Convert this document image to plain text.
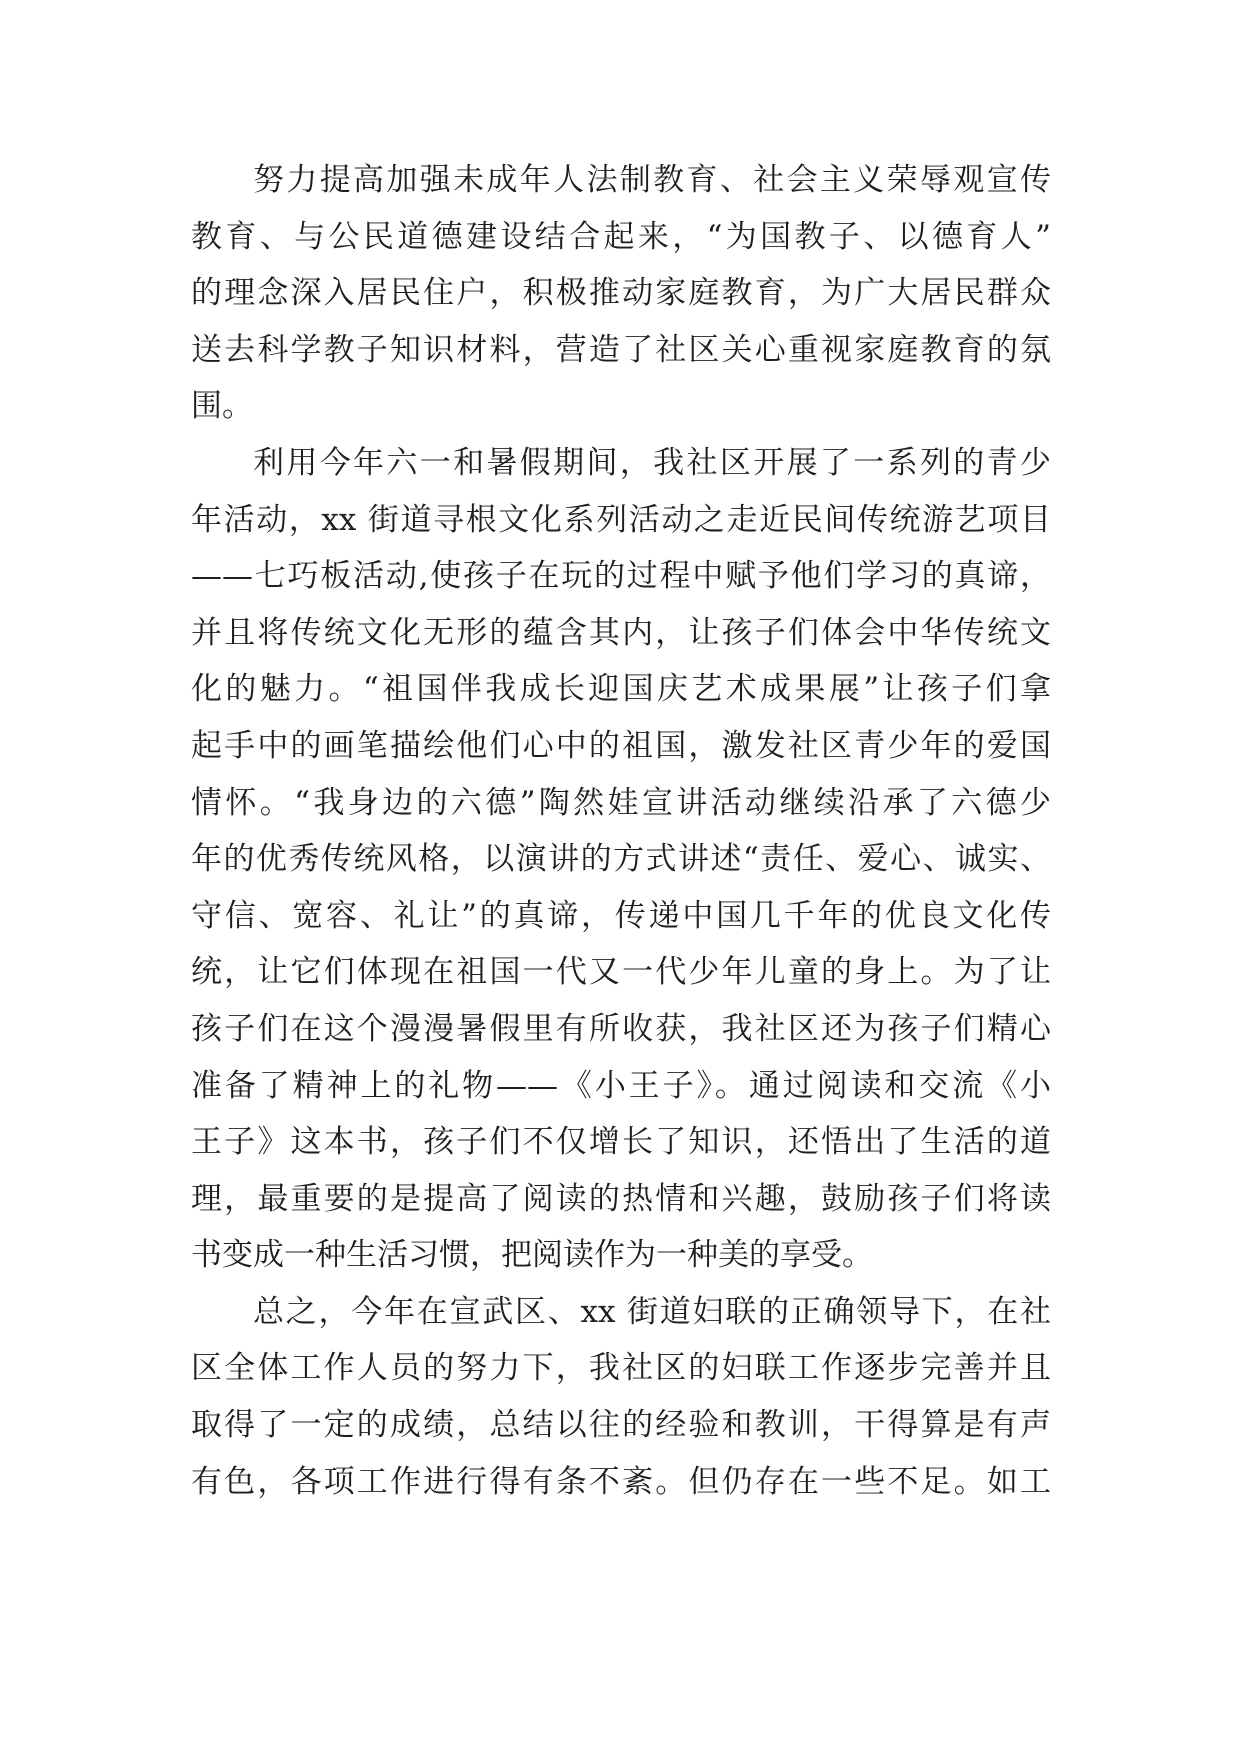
努力提高加强未成年人法制教育、社会主义荣辱观宣传
教育、与公民道德建设结合起来，“为国教子、以德育人”
的理念深入居民住户，积极推动家庭教育，为广大居民群众
送去科学教子知识材料，营造了社区关心重视家庭教育的氛
围。
利用今年六一和暑假期间，我社区开展了一系列的青少
年活动，xx 街道寻根文化系列活动之走近民间传统游艺项目
——七巧板活动,使孩子在玩的过程中赋予他们学习的真谛，
并且将传统文化无形的蕴含其内，让孩子们体会中华传统文
化的魅力。“祖国伴我成长迎国庆艺术成果展”让孩子们拿
起手中的画笔描绘他们心中的祖国，激发社区青少年的爱国
情怀。“我身边的六德”陶然娃宣讲活动继续沿承了六德少
年的优秀传统风格，以演讲的方式讲述“责任、爱心、诚实、
守信、宽容、礼让”的真谛，传递中国几千年的优良文化传
统，让它们体现在祖国一代又一代少年儿童的身上。为了让
孩子们在这个漫漫暑假里有所收获，我社区还为孩子们精心
准备了精神上的礼物——《小王子》。通过阅读和交流《小
王子》这本书，孩子们不仅增长了知识，还悟出了生活的道
理，最重要的是提高了阅读的热情和兴趣，鼓励孩子们将读
书变成一种生活习惯，把阅读作为一种美的享受。
总之，今年在宣武区、xx 街道妇联的正确领导下，在社
区全体工作人员的努力下，我社区的妇联工作逐步完善并且
取得了一定的成绩，总结以往的经验和教训，干得算是有声
有色，各项工作进行得有条不紊。但仍存在一些不足。如工
